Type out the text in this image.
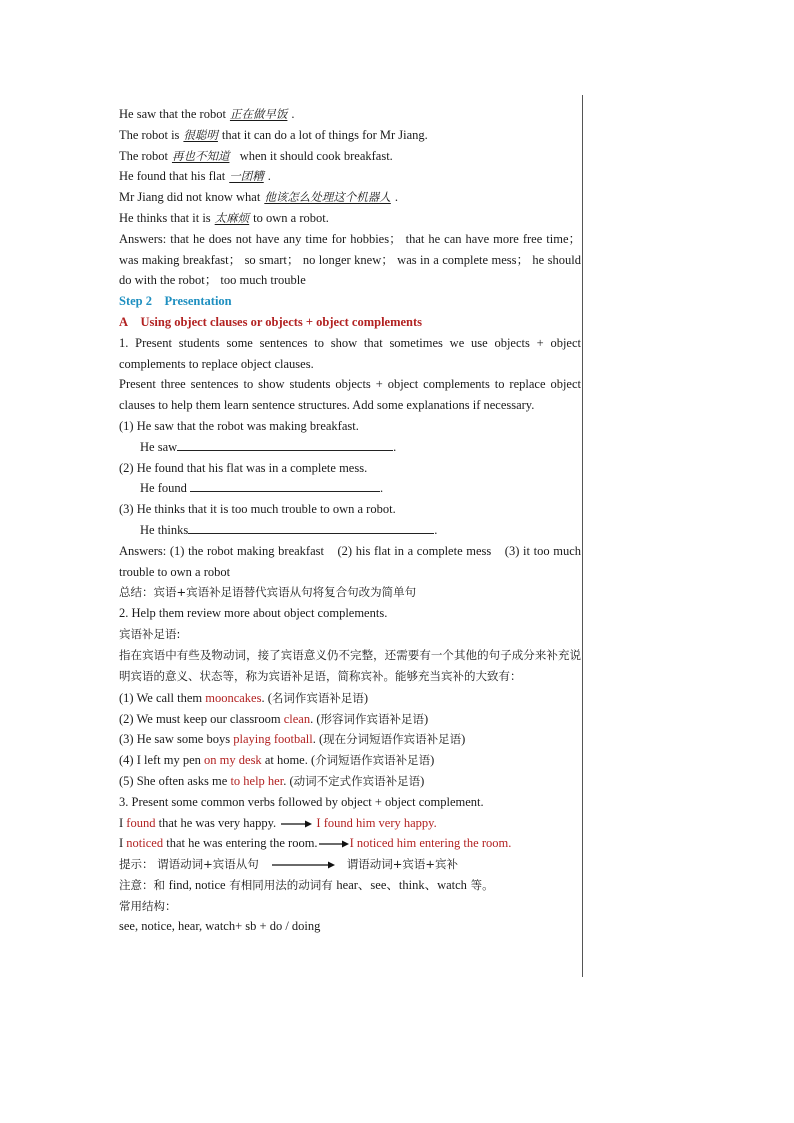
He saw that the robot 正在做早饭 .
The robot is 很聪明 that it can do a lot of things for Mr Jiang.
The robot 再也不知道 when it should cook breakfast.
He found that his flat 一团糟 .
Mr Jiang did not know what 他该怎么处理这个机器人 .
He thinks that it is 太麻烦 to own a robot.
Answers: that he does not have any time for hobbies； that he can have more free time； was making breakfast； so smart； no longer knew； was in a complete mess； he should do with the robot； too much trouble
Step 2 Presentation
A Using object clauses or objects + object complements
1. Present students some sentences to show that sometimes we use objects + object complements to replace object clauses.
Present three sentences to show students objects + object complements to replace object clauses to help them learn sentence structures. Add some explanations if necessary.
(1) He saw that the robot was making breakfast.
He saw	.
(2) He found that his flat was in a complete mess.
He found	.
(3) He thinks that it is too much trouble to own a robot.
He thinks	.
Answers: (1) the robot making breakfast　(2) his flat in a complete mess　(3) it too much trouble to own a robot
总结：宾语+宾语补足语替代宾语从句将复合句改为简单句
2. Help them review more about object complements.
宾语补足语:
指在宾语中有些及物动词，接了宾语意义仍不完整，还需要有一个其他的句子成分来补充说明宾语的意义、状态等，称为宾语补足语，简称宾补。能够充当宾补的大致有：
(1) We call them mooncakes. (名词作宾语补足语)
(2) We must keep our classroom clean. (形容词作宾语补足语)
(3) He saw some boys playing football. (现在分词短语作宾语补足语)
(4) I left my pen on my desk at home. (介词短语作宾语补足语)
(5) She often asks me to help her. (动词不定式作宾语补足语)
3. Present some common verbs followed by object + object complement.
I found that he was very happy.	I found him very happy.
I noticed that he was entering the room.	I noticed him entering the room.
提示： 谓语动词+宾语从句	谓语动词+宾语+宾补
注意：和 find, notice 有相同用法的动词有 hear、see、think、watch 等。
常用结构：
see, notice, hear, watch+ sb + do / doing
